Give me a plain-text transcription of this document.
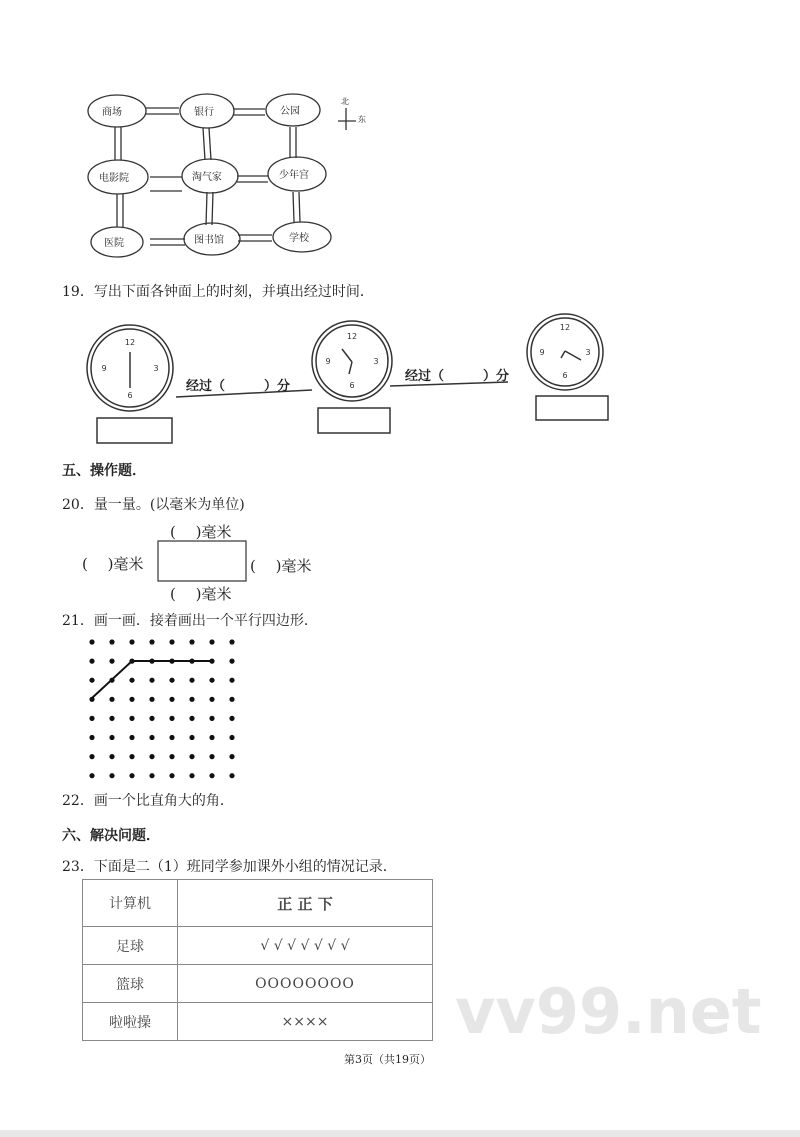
12
6
9	3
12
6
9	3
12
6
9	3
商场	银行	公园
电影院	淘气家	少年宫
医院	图书馆	学校
北
东
19．写出下面各钟面上的时刻，并填出经过时间．
经过（　　　）分
经过（　　　）分
五、操作题．
20．量一量。(以毫米为单位)
(　 )毫米
(　 )毫米	(　 )毫米
(　 )毫米
21．画一画．接着画出一个平行四边形．
22．画一个比直角大的角．
六、解决问题．
23．下面是二（1）班同学参加课外小组的情况记录．
计算机	正 正 下
足球	√ √ √ √ √ √ √
篮球	OOOOOOOO
啦啦操	×××× vv99.net
第3页（共19页）
